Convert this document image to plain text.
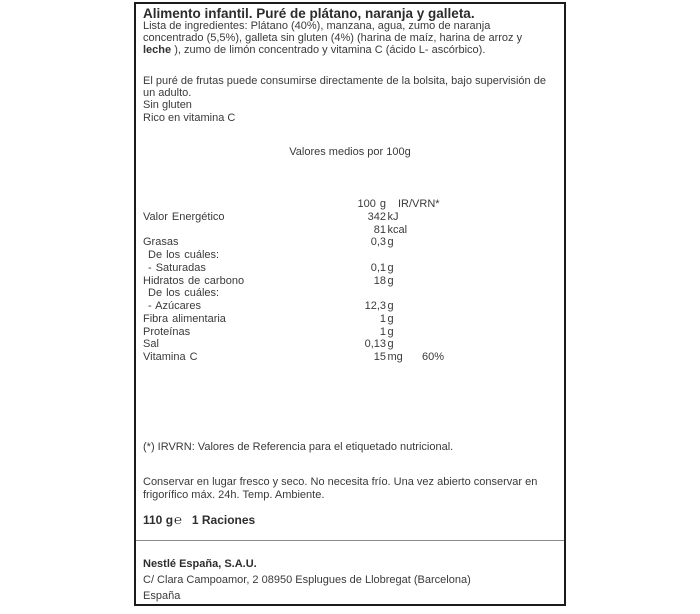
Alimento infantil. Puré de plátano, naranja y galleta.
Lista de ingredientes: Plátano (40%), manzana, agua, zumo de naranja concentrado (5,5%), galleta sin gluten (4%) (harina de maíz, harina de arroz y leche ), zumo de limón concentrado y vitamina C (ácido L- ascórbico).
El puré de frutas puede consumirse directamente de la bolsita, bajo supervisión de un adulto.
Sin gluten
Rico en vitamina C
Valores medios por 100g
100 g IR/VRN*
Valor Energético	342 kJ
81 kcal
Grasas	0,3 g
De los cuáles:
- Saturadas	0,1 g
Hidratos de carbono	18 g
De los cuáles:
- Azúcares	12,3 g
Fibra alimentaria	1 g
Proteínas	1 g
Sal	0,13 g
Vitamina C	15 mg 60%
(*) IRVRN: Valores de Referencia para el etiquetado nutricional.
Conservar en lugar fresco y seco. No necesita frío. Una vez abierto conservar en frigorífico máx. 24h. Temp. Ambiente.
110 g℮ 1 Raciones
Nestlé España, S.A.U.
C/ Clara Campoamor, 2 08950 Esplugues de Llobregat (Barcelona)
España
